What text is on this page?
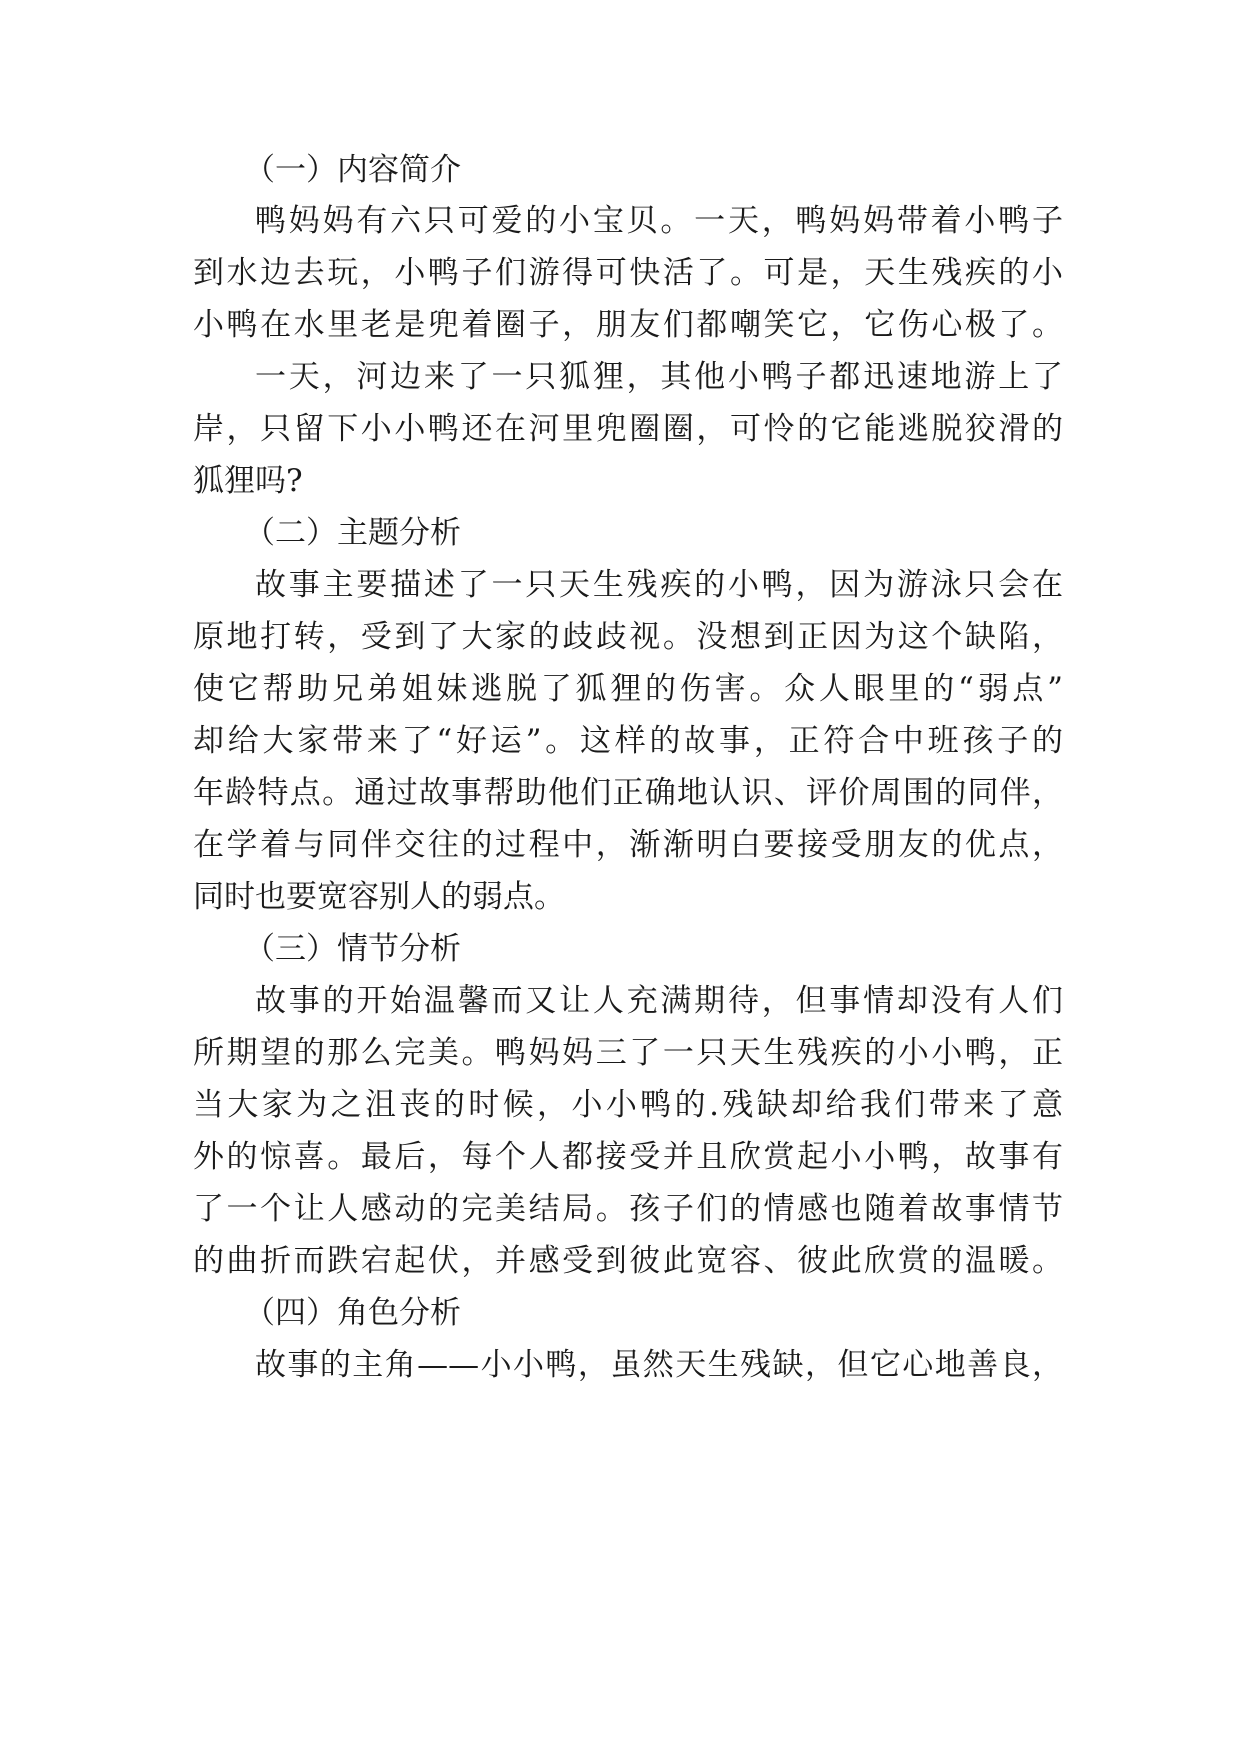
（一）内容简介
鸭妈妈有六只可爱的小宝贝。一天，鸭妈妈带着小鸭子
到水边去玩，小鸭子们游得可快活了。可是，天生残疾的小
小鸭在水里老是兜着圈子，朋友们都嘲笑它，它伤心极了。
一天，河边来了一只狐狸，其他小鸭子都迅速地游上了
岸，只留下小小鸭还在河里兜圈圈，可怜的它能逃脱狡滑的
狐狸吗?
（二）主题分析
故事主要描述了一只天生残疾的小鸭，因为游泳只会在
原地打转，受到了大家的歧歧视。没想到正因为这个缺陷，
使它帮助兄弟姐妹逃脱了狐狸的伤害。众人眼里的“弱点”
却给大家带来了“好运”。这样的故事，正符合中班孩子的
年龄特点。通过故事帮助他们正确地认识、评价周围的同伴，
在学着与同伴交往的过程中，渐渐明白要接受朋友的优点，
同时也要宽容别人的弱点。
（三）情节分析
故事的开始温馨而又让人充满期待，但事情却没有人们
所期望的那么完美。鸭妈妈三了一只天生残疾的小小鸭，正
当大家为之沮丧的时候，小小鸭的.残缺却给我们带来了意
外的惊喜。最后，每个人都接受并且欣赏起小小鸭，故事有
了一个让人感动的完美结局。孩子们的情感也随着故事情节
的曲折而跌宕起伏，并感受到彼此宽容、彼此欣赏的温暖。
（四）角色分析
故事的主角——小小鸭，虽然天生残缺，但它心地善良，
